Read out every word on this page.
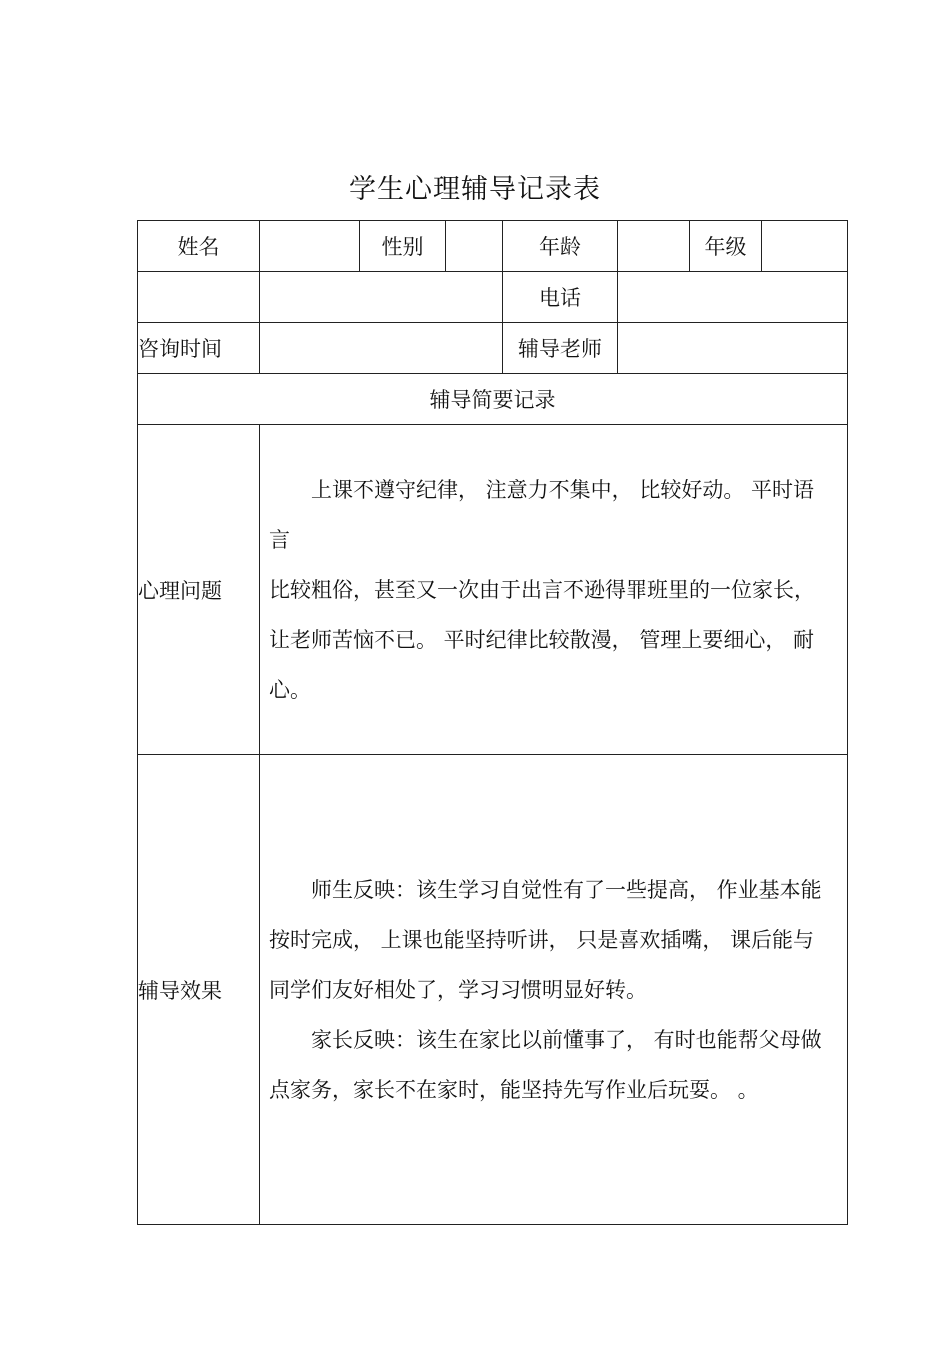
学生心理辅导记录表
姓名		性别		年龄		年级	
				电话			
咨询时间				辅导老师			
辅导简要记录							
心理问题	上课不遵守纪律， 注意力不集中， 比较好动。 平时语言
比较粗俗，甚至又一次由于出言不逊得罪班里的一位家长，
让老师苦恼不已。 平时纪律比较散漫， 管理上要细心， 耐心。						

辅导效果	师生反映：该生学习自觉性有了一些提高， 作业基本能按时完成， 上课也能坚持听讲， 只是喜欢插嘴， 课后能与同学们友好相处了，学习习惯明显好转。

家长反映：该生在家比以前懂事了， 有时也能帮父母做点家务，家长不在家时，能坚持先写作业后玩耍。 。						
